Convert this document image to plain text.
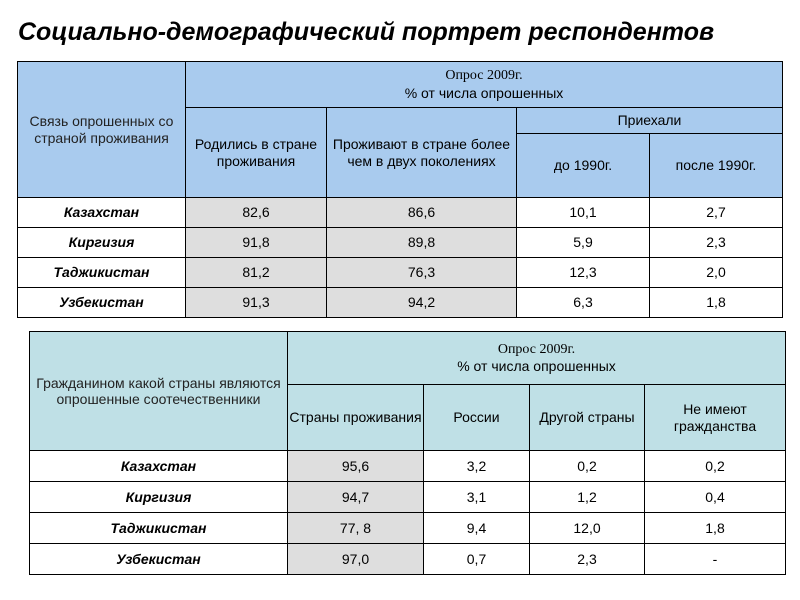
Социально-демографический портрет респондентов
Связь опрошенных со страной проживания	Опрос 2009г.
% от числа опрошенных			

	Родились в стране проживания	Проживают в стране более чем в двух поколениях	Приехали	
			до 1990г.	после 1990г.
Казахстан	82,6	86,6	10,1	2,7
Киргизия	91,8	89,8	5,9	2,3
Таджикистан	81,2	76,3	12,3	2,0
Узбекистан	91,3	94,2	6,3	1,8
Гражданином какой страны являются опрошенные соотечественники	Опрос 2009г.
% от числа опрошенных			

	Страны проживания	России	Другой страны	Не имеют гражданства
Казахстан	95,6	3,2	0,2	0,2
Киргизия	94,7	3,1	1,2	0,4
Таджикистан	77, 8	9,4	12,0	1,8
Узбекистан	97,0	0,7	2,3	-
